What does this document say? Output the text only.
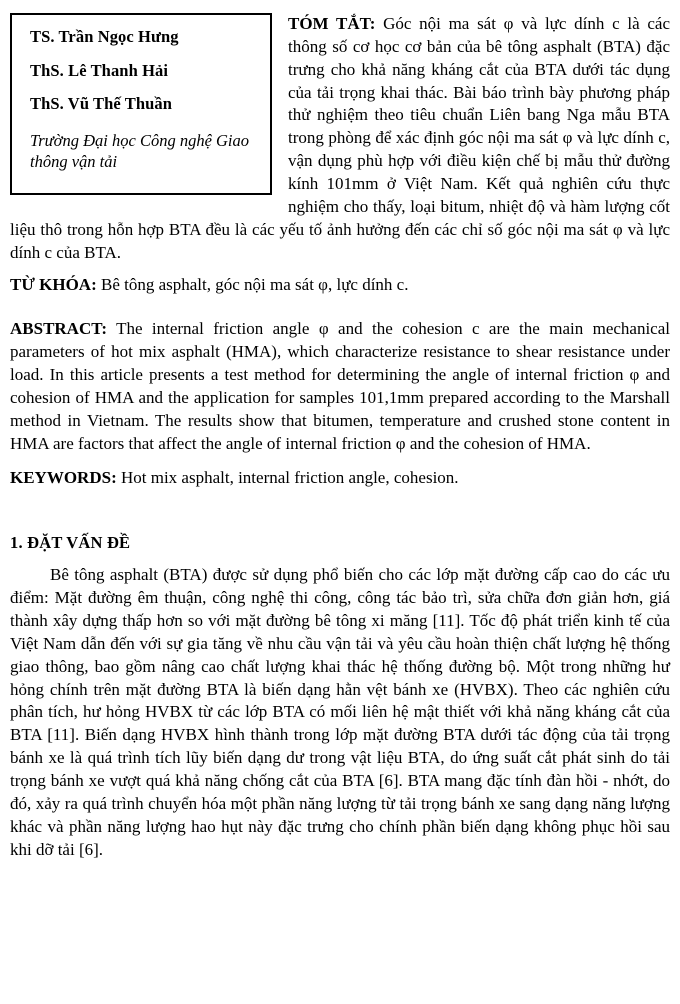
TS. Trần Ngọc Hưng

ThS. Lê Thanh Hải

ThS. Vũ Thế Thuần

Trường Đại học Công nghệ Giao thông vận tải

TÓM TẮT: Góc nội ma sát φ và lực dính c là các thông số cơ học cơ bản của bê tông asphalt (BTA) đặc trưng cho khả năng kháng cắt của BTA dưới tác dụng của tải trọng khai thác. Bài báo trình bày phương pháp thử nghiệm theo tiêu chuẩn Liên bang Nga mẫu BTA trong phòng để xác định góc nội ma sát φ và lực dính c, vận dụng phù hợp với điều kiện chế bị mẫu thử đường kính 101mm ở Việt Nam. Kết quả nghiên cứu thực nghiệm cho thấy, loại bitum, nhiệt độ và hàm lượng cốt liệu thô trong hỗn hợp BTA đều là các yếu tố ảnh hưởng đến các chỉ số góc nội ma sát φ và lực dính c của BTA.

TỪ KHÓA: Bê tông asphalt, góc nội ma sát φ, lực dính c.

ABSTRACT: The internal friction angle φ and the cohesion c are the main mechanical parameters of hot mix asphalt (HMA), which characterize resistance to shear resistance under load. In this article presents a test method for determining the angle of internal friction φ and cohesion of HMA and the application for samples 101,1mm prepared according to the Marshall method in Vietnam. The results show that bitumen, temperature and crushed stone content in HMA are factors that affect the angle of internal friction φ and the cohesion of HMA.

KEYWORDS: Hot mix asphalt, internal friction angle, cohesion.

1. ĐẶT VẤN ĐỀ

Bê tông asphalt (BTA) được sử dụng phổ biến cho các lớp mặt đường cấp cao do các ưu điểm: Mặt đường êm thuận, công nghệ thi công, công tác bảo trì, sửa chữa đơn giản hơn, giá thành xây dựng thấp hơn so với mặt đường bê tông xi măng [11]. Tốc độ phát triển kinh tế của Việt Nam dẫn đến với sự gia tăng về nhu cầu vận tải và yêu cầu hoàn thiện chất lượng hệ thống giao thông, bao gồm nâng cao chất lượng khai thác hệ thống đường bộ. Một trong những hư hỏng chính trên mặt đường BTA là biến dạng hằn vệt bánh xe (HVBX). Theo các nghiên cứu phân tích, hư hỏng HVBX từ các lớp BTA có mối liên hệ mật thiết với khả năng kháng cắt của BTA [11]. Biến dạng HVBX hình thành trong lớp mặt đường BTA dưới tác động của tải trọng bánh xe là quá trình tích lũy biến dạng dư trong vật liệu BTA, do ứng suất cắt phát sinh do tải trọng bánh xe vượt quá khả năng chống cắt của BTA [6]. BTA mang đặc tính đàn hồi - nhớt, do đó, xảy ra quá trình chuyển hóa một phần năng lượng từ tải trọng bánh xe sang dạng năng lượng khác và phần năng lượng hao hụt này đặc trưng cho chính phần biến dạng không phục hồi sau khi dỡ tải [6].
